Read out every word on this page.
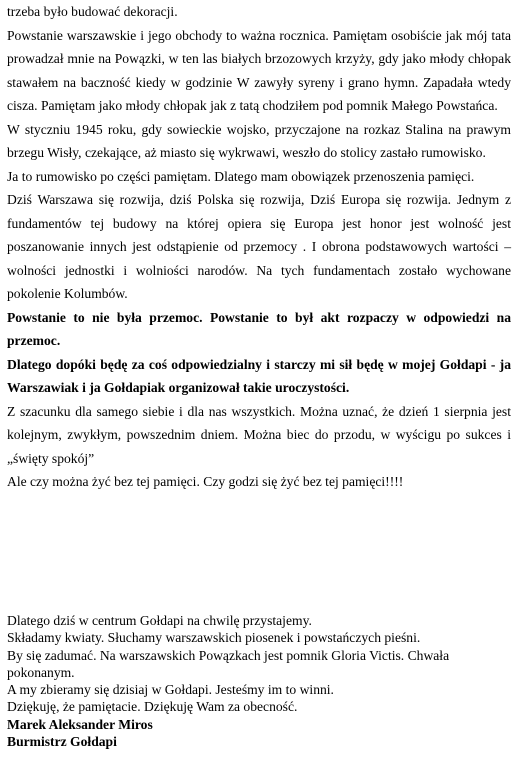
trzeba było budować dekoracji.

Powstanie warszawskie i jego obchody to ważna rocznica. Pamiętam osobiście jak mój tata prowadzał mnie na Powązki, w ten las białych brzozowych krzyży, gdy jako młody chłopak stawałem na baczność kiedy w godzinie W zawyły syreny i grano hymn. Zapadała wtedy cisza. Pamiętam jako młody chłopak jak z tatą chodziłem pod pomnik Małego Powstańca.

W styczniu 1945 roku, gdy sowieckie wojsko, przyczajone na rozkaz Stalina na prawym brzegu Wisły, czekające, aż miasto się wykrwawi, weszło do stolicy zastało rumowisko.

Ja to rumowisko po części pamiętam. Dlatego mam obowiązek przenoszenia pamięci.

Dziś Warszawa się rozwija, dziś Polska się rozwija, Dziś Europa się rozwija. Jednym z fundamentów tej budowy na której opiera się Europa jest honor jest wolność jest poszanowanie innych jest odstąpienie od przemocy . I obrona podstawowych wartości – wolności jednostki i wolniości narodów. Na tych fundamentach zostało wychowane pokolenie Kolumbów.

Powstanie to nie była przemoc. Powstanie to był akt rozpaczy w odpowiedzi na przemoc.

Dlatego dopóki będę za coś odpowiedzialny i starczy mi sił będę w mojej Gołdapi - ja Warszawiak i ja Gołdapiak organizował takie uroczystości.

Z szacunku dla samego siebie i dla nas wszystkich. Można uznać, że dzień 1 sierpnia jest kolejnym, zwykłym, powszednim dniem. Można biec do przodu, w wyścigu po sukces i „święty spokój”

Ale czy można żyć bez tej pamięci. Czy godzi się żyć bez tej pamięci!!!!

Dlatego dziś w centrum Gołdapi na chwilę przystajemy.

Składamy kwiaty. Słuchamy warszawskich piosenek i powstańczych pieśni.

By się zadumać. Na warszawskich Powązkach jest pomnik Gloria Victis. Chwała pokonanym.

A my zbieramy się dzisiaj w Gołdapi. Jesteśmy im to winni.

Dziękuję, że pamiętacie. Dziękuję Wam za obecność.

Marek Aleksander Miros

Burmistrz Gołdapi
